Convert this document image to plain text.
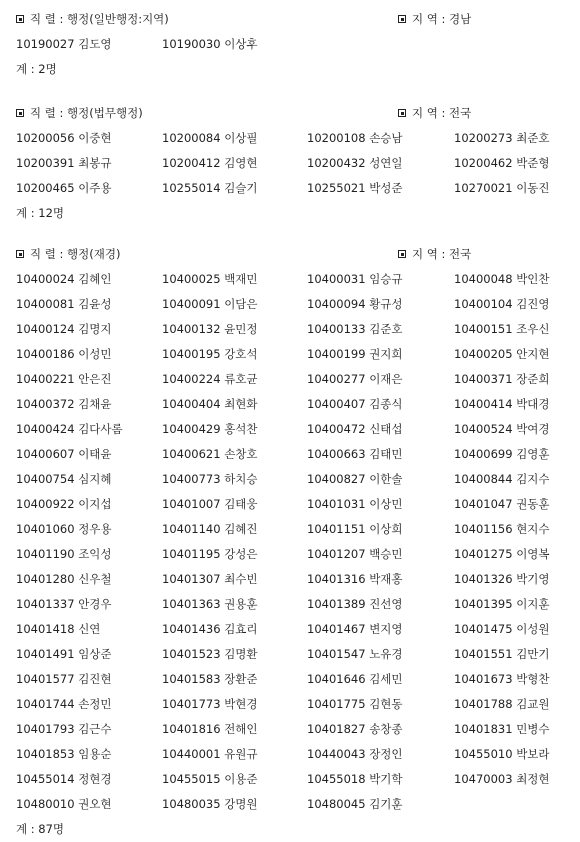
직 렬 : 행정(일반행정:지역)	지 역 : 경남
10190027 김도영	10190030 이상후
계 : 2명
직 렬 : 행정(법무행정)	지 역 : 전국
10200056 이중현	10200084 이상필	10200108 손승남	10200273 최준호
10200391 최봉규	10200412 김영현	10200432 성연일	10200462 박준형
10200465 이주용	10255014 김슬기	10255021 박성준	10270021 이동진
계 : 12명
직 렬 : 행정(재경)	지 역 : 전국
10400024 김혜인	10400025 백재민	10400031 임승규	10400048 박인찬
10400081 김윤성	10400091 이담은	10400094 황규성	10400104 김진영
10400124 김명지	10400132 윤민정	10400133 김준호	10400151 조우신
10400186 이성민	10400195 강호석	10400199 권지희	10400205 안지현
10400221 안은진	10400224 류호균	10400277 이재은	10400371 장준희
10400372 김채윤	10400404 최현화	10400407 김종식	10400414 박대경
10400424 김다사롬	10400429 홍석찬	10400472 신태섭	10400524 박여경
10400607 이태윤	10400621 손창호	10400663 김태민	10400699 김영훈
10400754 심지혜	10400773 하치승	10400827 이한솔	10400844 김지수
10400922 이지섭	10401007 김태웅	10401031 이상민	10401047 권동훈
10401060 정우용	10401140 김혜진	10401151 이상희	10401156 현지수
10401190 조익성	10401195 강성은	10401207 백승민	10401275 이영복
10401280 신우철	10401307 최수빈	10401316 박재홍	10401326 박기영
10401337 안경우	10401363 권용훈	10401389 진선영	10401395 이지훈
10401418 신연	10401436 김효리	10401467 변지영	10401475 이성원
10401491 임상준	10401523 김명환	10401547 노유경	10401551 김만기
10401577 김진현	10401583 장환준	10401646 김세민	10401673 박형찬
10401744 손정민	10401773 박현경	10401775 김현동	10401788 김교원
10401793 김근수	10401816 전해인	10401827 송창종	10401831 민병수
10401853 임용순	10440001 유원규	10440043 장정인	10455010 박보라
10455014 정현경	10455015 이용준	10455018 박기학	10470003 최정현
10480010 권오현	10480035 강명원	10480045 김기훈
계 : 87명
